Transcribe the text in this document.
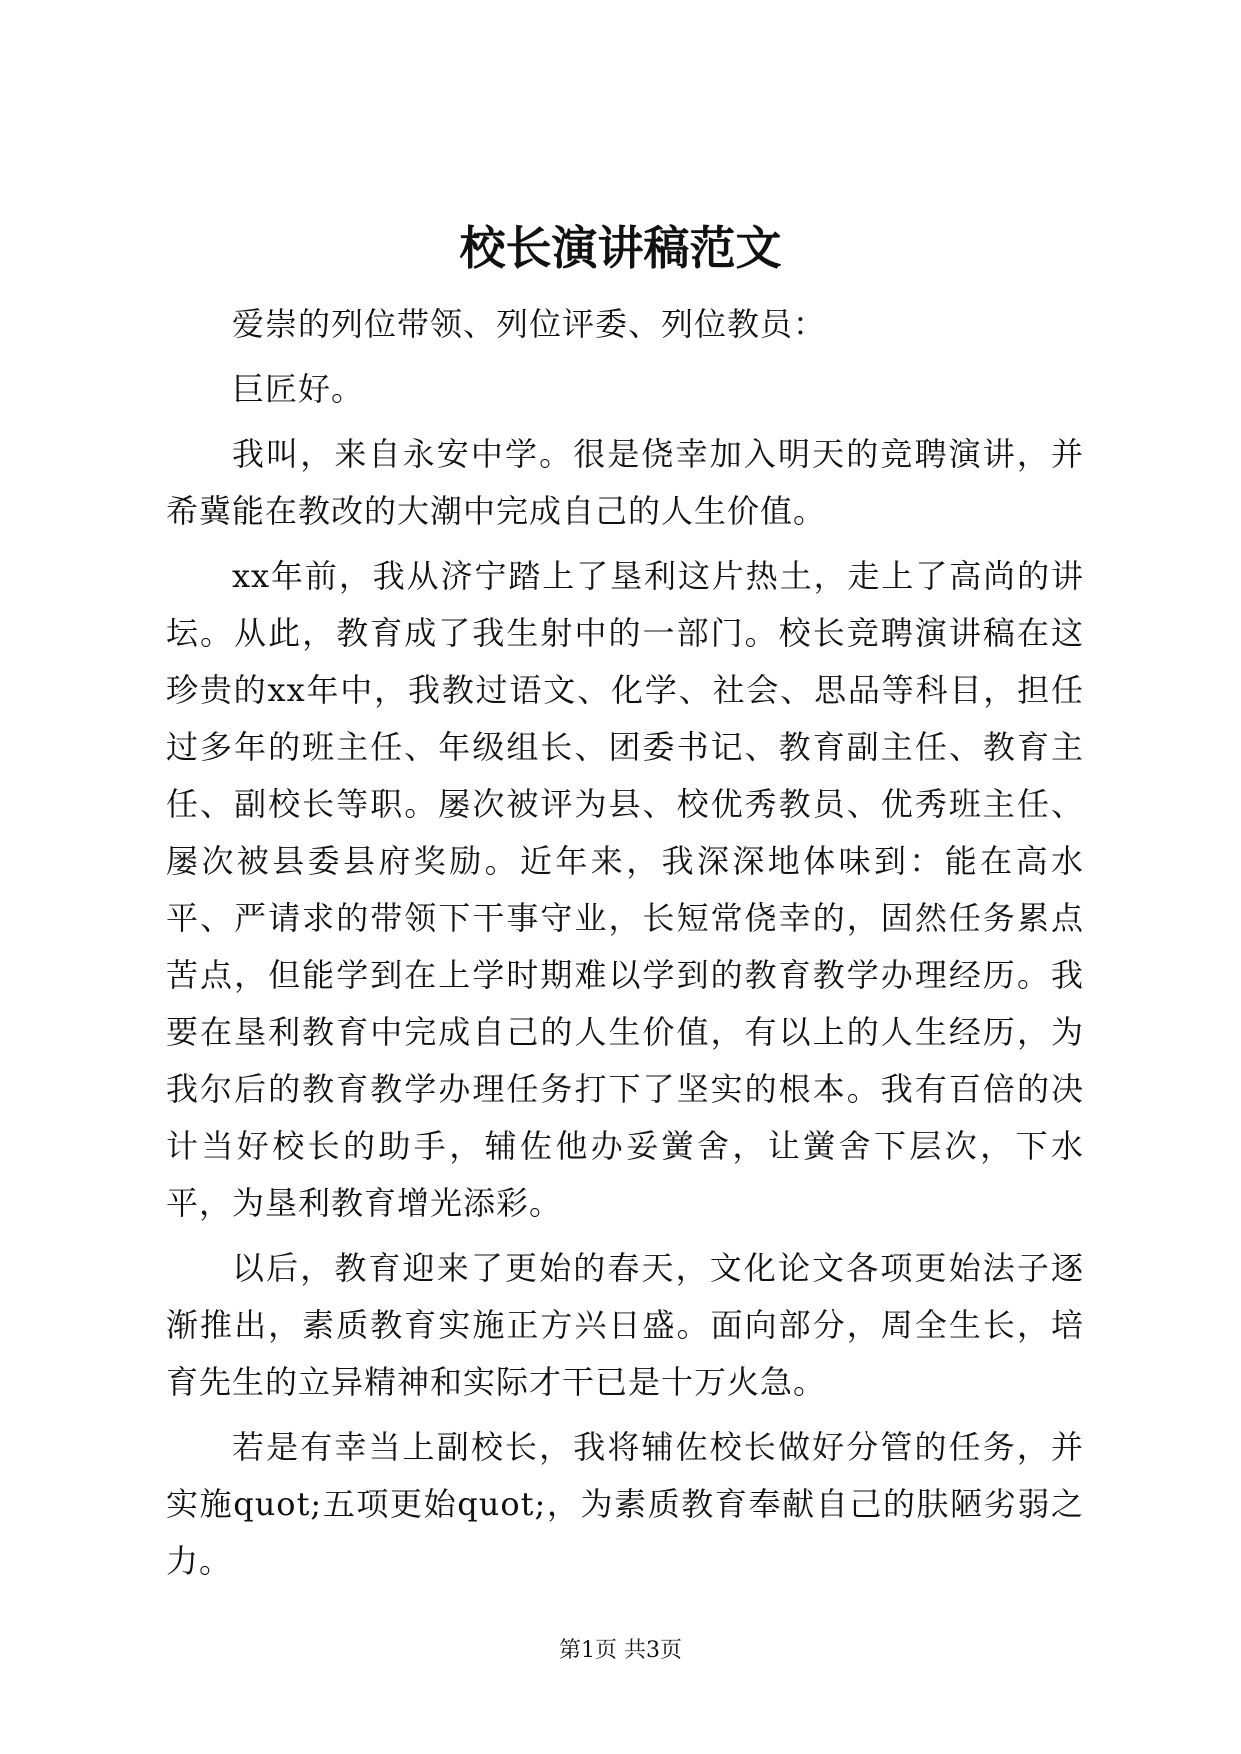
校长演讲稿范文

爱崇的列位带领、列位评委、列位教员：

巨匠好。

我叫，来自永安中学。很是侥幸加入明天的竞聘演讲，并希冀能在教改的大潮中完成自己的人生价值。

xx年前，我从济宁踏上了垦利这片热土，走上了高尚的讲坛。从此，教育成了我生射中的一部门。校长竞聘演讲稿在这珍贵的xx年中，我教过语文、化学、社会、思品等科目，担任过多年的班主任、年级组长、团委书记、教育副主任、教育主任、副校长等职。屡次被评为县、校优秀教员、优秀班主任、屡次被县委县府奖励。近年来，我深深地体味到：能在高水平、严请求的带领下干事守业，长短常侥幸的，固然任务累点苦点，但能学到在上学时期难以学到的教育教学办理经历。我要在垦利教育中完成自己的人生价值，有以上的人生经历，为我尔后的教育教学办理任务打下了坚实的根本。我有百倍的决计当好校长的助手，辅佐他办妥黉舍，让黉舍下层次，下水平，为垦利教育增光添彩。

以后，教育迎来了更始的春天，文化论文各项更始法子逐渐推出，素质教育实施正方兴日盛。面向部分，周全生长，培育先生的立异精神和实际才干已是十万火急。

若是有幸当上副校长，我将辅佐校长做好分管的任务，并实施quot;五项更始quot;，为素质教育奉献自己的肤陋劣弱之力。

第1页 共3页
